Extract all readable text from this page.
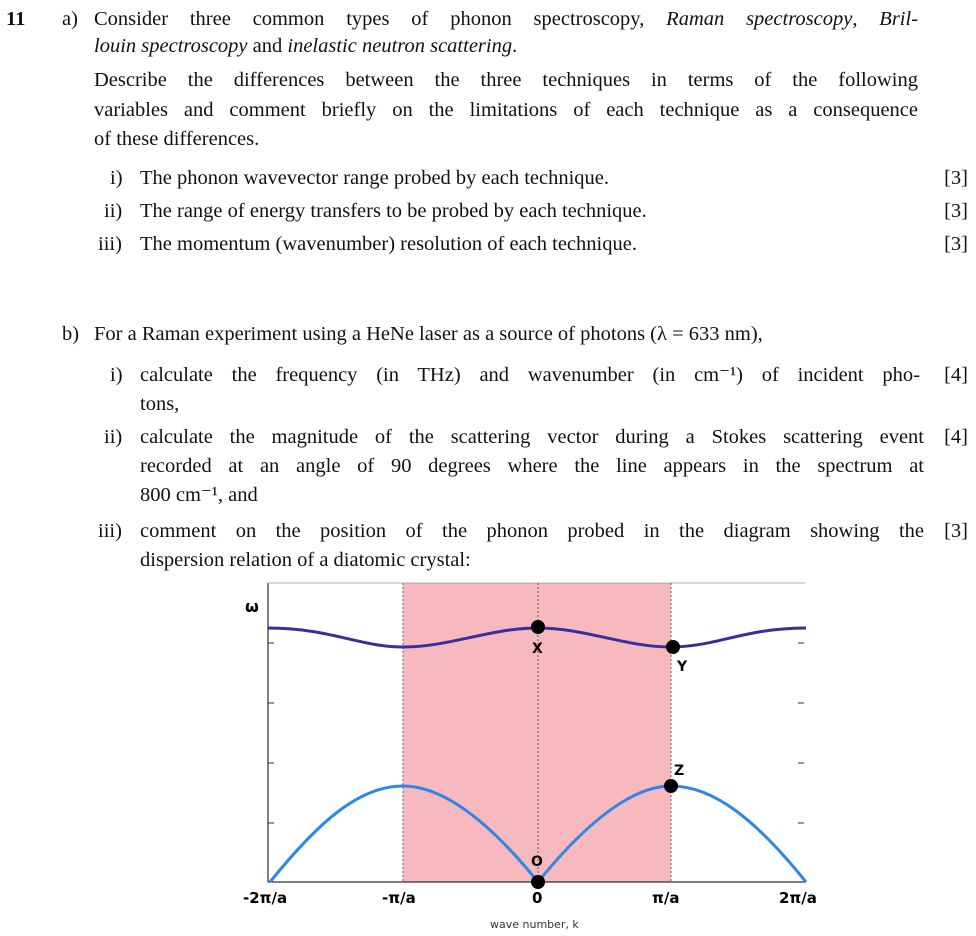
11 a) Consider three common types of phonon spectroscopy, Raman spectroscopy, Bril-
louin spectroscopy and inelastic neutron scattering.
Describe the differences between the three techniques in terms of the following
variables and comment briefly on the limitations of each technique as a consequence
of these differences.
i) The phonon wavevector range probed by each technique.	[3]
ii) The range of energy transfers to be probed by each technique.	[3]
iii) The momentum (wavenumber) resolution of each technique.	[3]
b) For a Raman experiment using a HeNe laser as a source of photons (λ = 633 nm),
i) calculate the frequency (in THz) and wavenumber (in cm⁻¹) of incident pho-
tons,
[4]
ii) calculate the magnitude of the scattering vector during a Stokes scattering event
recorded at an angle of 90 degrees where the line appears in the spectrum at
800 cm⁻¹, and
[4]
iii) comment on the position of the phonon probed in the diagram showing the
dispersion relation of a diatomic crystal:
[3]
X
Y
Z
O
ω
-2π/a	-π/a	0	π/a	2π/a
wave number, k
